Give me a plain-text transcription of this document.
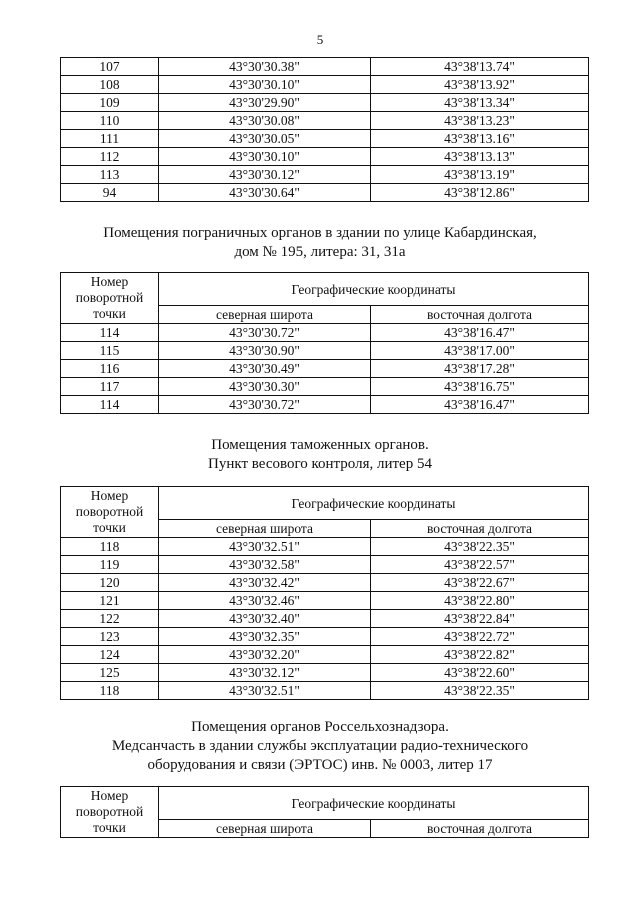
5
107	43°30'30.38"	43°38'13.74"
108	43°30'30.10"	43°38'13.92"
109	43°30'29.90"	43°38'13.34"
110	43°30'30.08"	43°38'13.23"
111	43°30'30.05"	43°38'13.16"
112	43°30'30.10"	43°38'13.13"
113	43°30'30.12"	43°38'13.19"
94	43°30'30.64"	43°38'12.86"
Помещения пограничных органов в здании по улице Кабардинская,
дом № 195, литера: 31, 31а
Номер
поворотной
точки	Географические координаты	
	северная широта	восточная долгота
114	43°30'30.72"	43°38'16.47"
115	43°30'30.90"	43°38'17.00"
116	43°30'30.49"	43°38'17.28"
117	43°30'30.30"	43°38'16.75"
114	43°30'30.72"	43°38'16.47"
Помещения таможенных органов.
Пункт весового контроля, литер 54
Номер
поворотной
точки	Географические координаты	
	северная широта	восточная долгота
118	43°30'32.51"	43°38'22.35"
119	43°30'32.58"	43°38'22.57"
120	43°30'32.42"	43°38'22.67"
121	43°30'32.46"	43°38'22.80"
122	43°30'32.40"	43°38'22.84"
123	43°30'32.35"	43°38'22.72"
124	43°30'32.20"	43°38'22.82"
125	43°30'32.12"	43°38'22.60"
118	43°30'32.51"	43°38'22.35"
Помещения органов Россельхознадзора.
Медсанчасть в здании службы эксплуатации радио-технического
оборудования и связи (ЭРТОС) инв. № 0003, литер 17
Номер
поворотной
точки	Географические координаты	
	северная широта	восточная долгота
